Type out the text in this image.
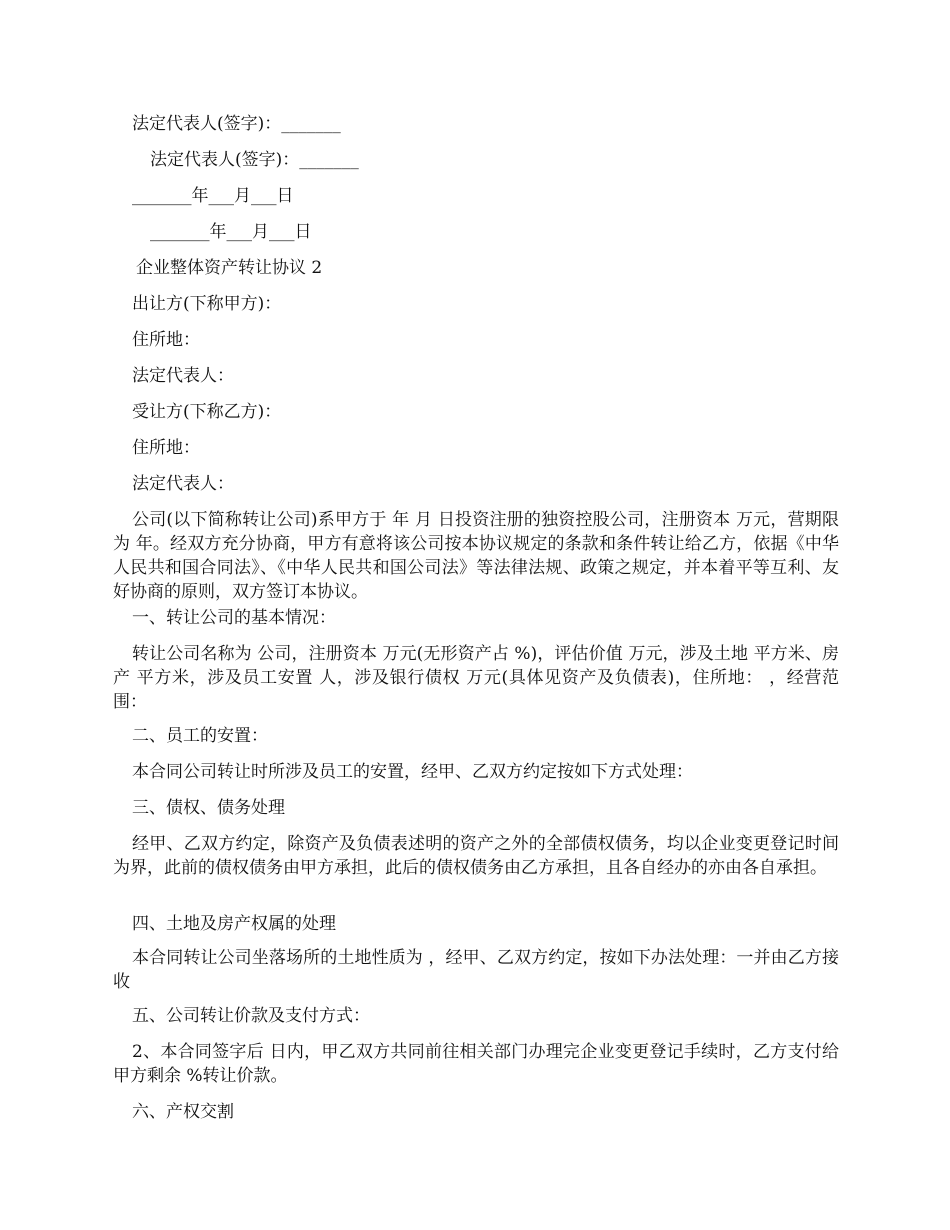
法定代表人(签字)：_______
法定代表人(签字)：_______
_______年___月___日
_______年___月___日
企业整体资产转让协议 2
出让方(下称甲方)：
住所地：
法定代表人：
受让方(下称乙方)：
住所地：
法定代表人：
公司(以下简称转让公司)系甲方于 年 月 日投资注册的独资控股公司，注册资本 万元，营期限为 年。经双方充分协商，甲方有意将该公司按本协议规定的条款和条件转让给乙方，依据《中华人民共和国合同法》、《中华人民共和国公司法》等法律法规、政策之规定，并本着平等互利、友好协商的原则，双方签订本协议。
一、转让公司的基本情况：
转让公司名称为 公司，注册资本 万元(无形资产占 %)，评估价值 万元，涉及土地 平方米、房产 平方米，涉及员工安置 人，涉及银行债权 万元(具体见资产及负债表)，住所地： ，经营范围：
二、员工的安置：
本合同公司转让时所涉及员工的安置，经甲、乙双方约定按如下方式处理：
三、债权、债务处理
经甲、乙双方约定，除资产及负债表述明的资产之外的全部债权债务，均以企业变更登记时间为界，此前的债权债务由甲方承担，此后的债权债务由乙方承担，且各自经办的亦由各自承担。
四、土地及房产权属的处理
本合同转让公司坐落场所的土地性质为 ，经甲、乙双方约定，按如下办法处理：一并由乙方接收
五、公司转让价款及支付方式：
2、本合同签字后 日内，甲乙双方共同前往相关部门办理完企业变更登记手续时，乙方支付给甲方剩余 %转让价款。
六、产权交割
